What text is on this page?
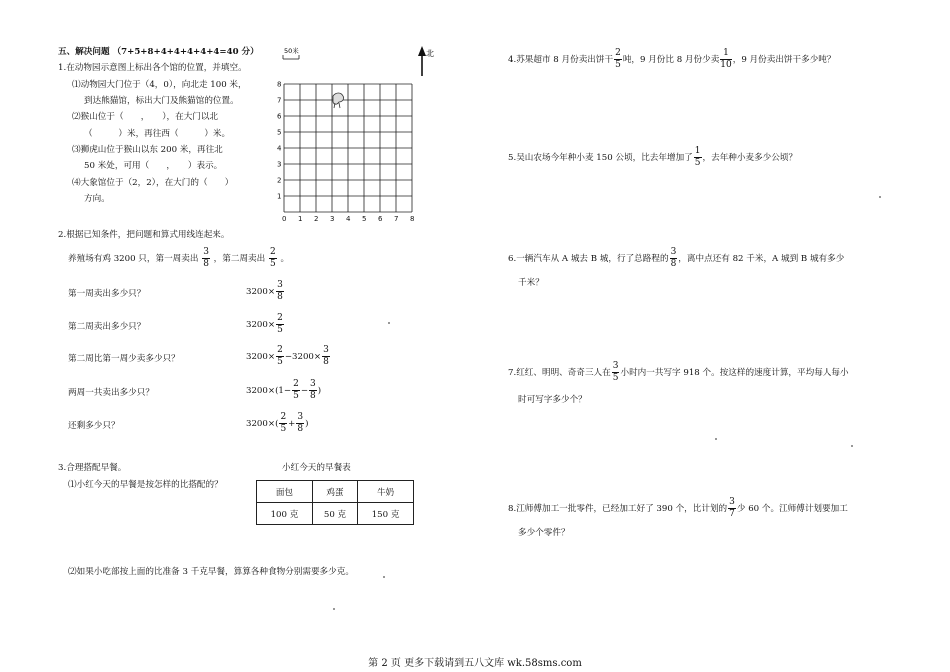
五、解决问题 （7+5+8+4+4+4+4+4=40 分）
1.在动物园示意图上标出各个馆的位置，并填空。
⑴动物园大门位于（4，0），向北走 100 米，
到达熊猫馆，标出大门及熊猫馆的位置。
⑵猴山位于（　　，　　），在大门以北
（　　　）米，再往西（　　　）米。
⑶狮虎山位于猴山以东 200 米，再往北
50 米处，可用（　　，　　）表示。
⑷大象馆位于（2，2），在大门的（　　）
方向。
0 1 2 3 4 5 6 7 8
1
2
3
4
5
6
7
8
50米	北
2.根据已知条件，把问题和算式用线连起来。
养殖场有鸡 3200 只，第一周卖出 $\frac{3}{8}$ ，第二周卖出 $\frac{2}{5}$ 。
第一周卖出多少只？
第二周卖出多少只？
第二周比第一周少卖多少只？
两周一共卖出多少只？
还剩多少只？
$3200\times \frac{3}{8}$
$3200\times \frac{2}{5}$
$3200\times \frac{2}{5} -3200\times \frac{3}{8}$
$3200\times(1- \frac{2}{5} - \frac{3}{8}$ )
$3200\times( \frac{2}{5} + \frac{3}{8}$ )
3.合理搭配早餐。
⑴小红今天的早餐是按怎样的比搭配的？
小红今天的早餐表
面包	鸡蛋	牛奶
100 克	50 克	150 克
⑵如果小吃部按上面的比准备 3 千克早餐，算算各种食物分别需要多少克。
4.苏果超市 8 月份卖出饼干 $\frac{2}{5}$ 吨，9 月份比 8 月份少卖 $\frac{1}{10}$ ，9 月份卖出饼干多少吨？
5.吴山农场今年种小麦 150 公顷，比去年增加了 $\frac{1}{5}$ ，去年种小麦多少公顷？
6.一辆汽车从 A 城去 B 城，行了总路程的 $\frac{3}{8}$ ，离中点还有 82 千米，A 城到 B 城有多少
千米？
7.红红、明明、奇奇三人在 $\frac{3}{5}$ 小时内一共写字 918 个。按这样的速度计算，平均每人每小
时可写字多少个？
8.江师傅加工一批零件，已经加工好了 390 个，比计划的 $\frac{3}{7}$ 少 60 个。江师傅计划要加工
多少个零件？
第 2 页 更多下载请到五八文库 wk.58sms.com
